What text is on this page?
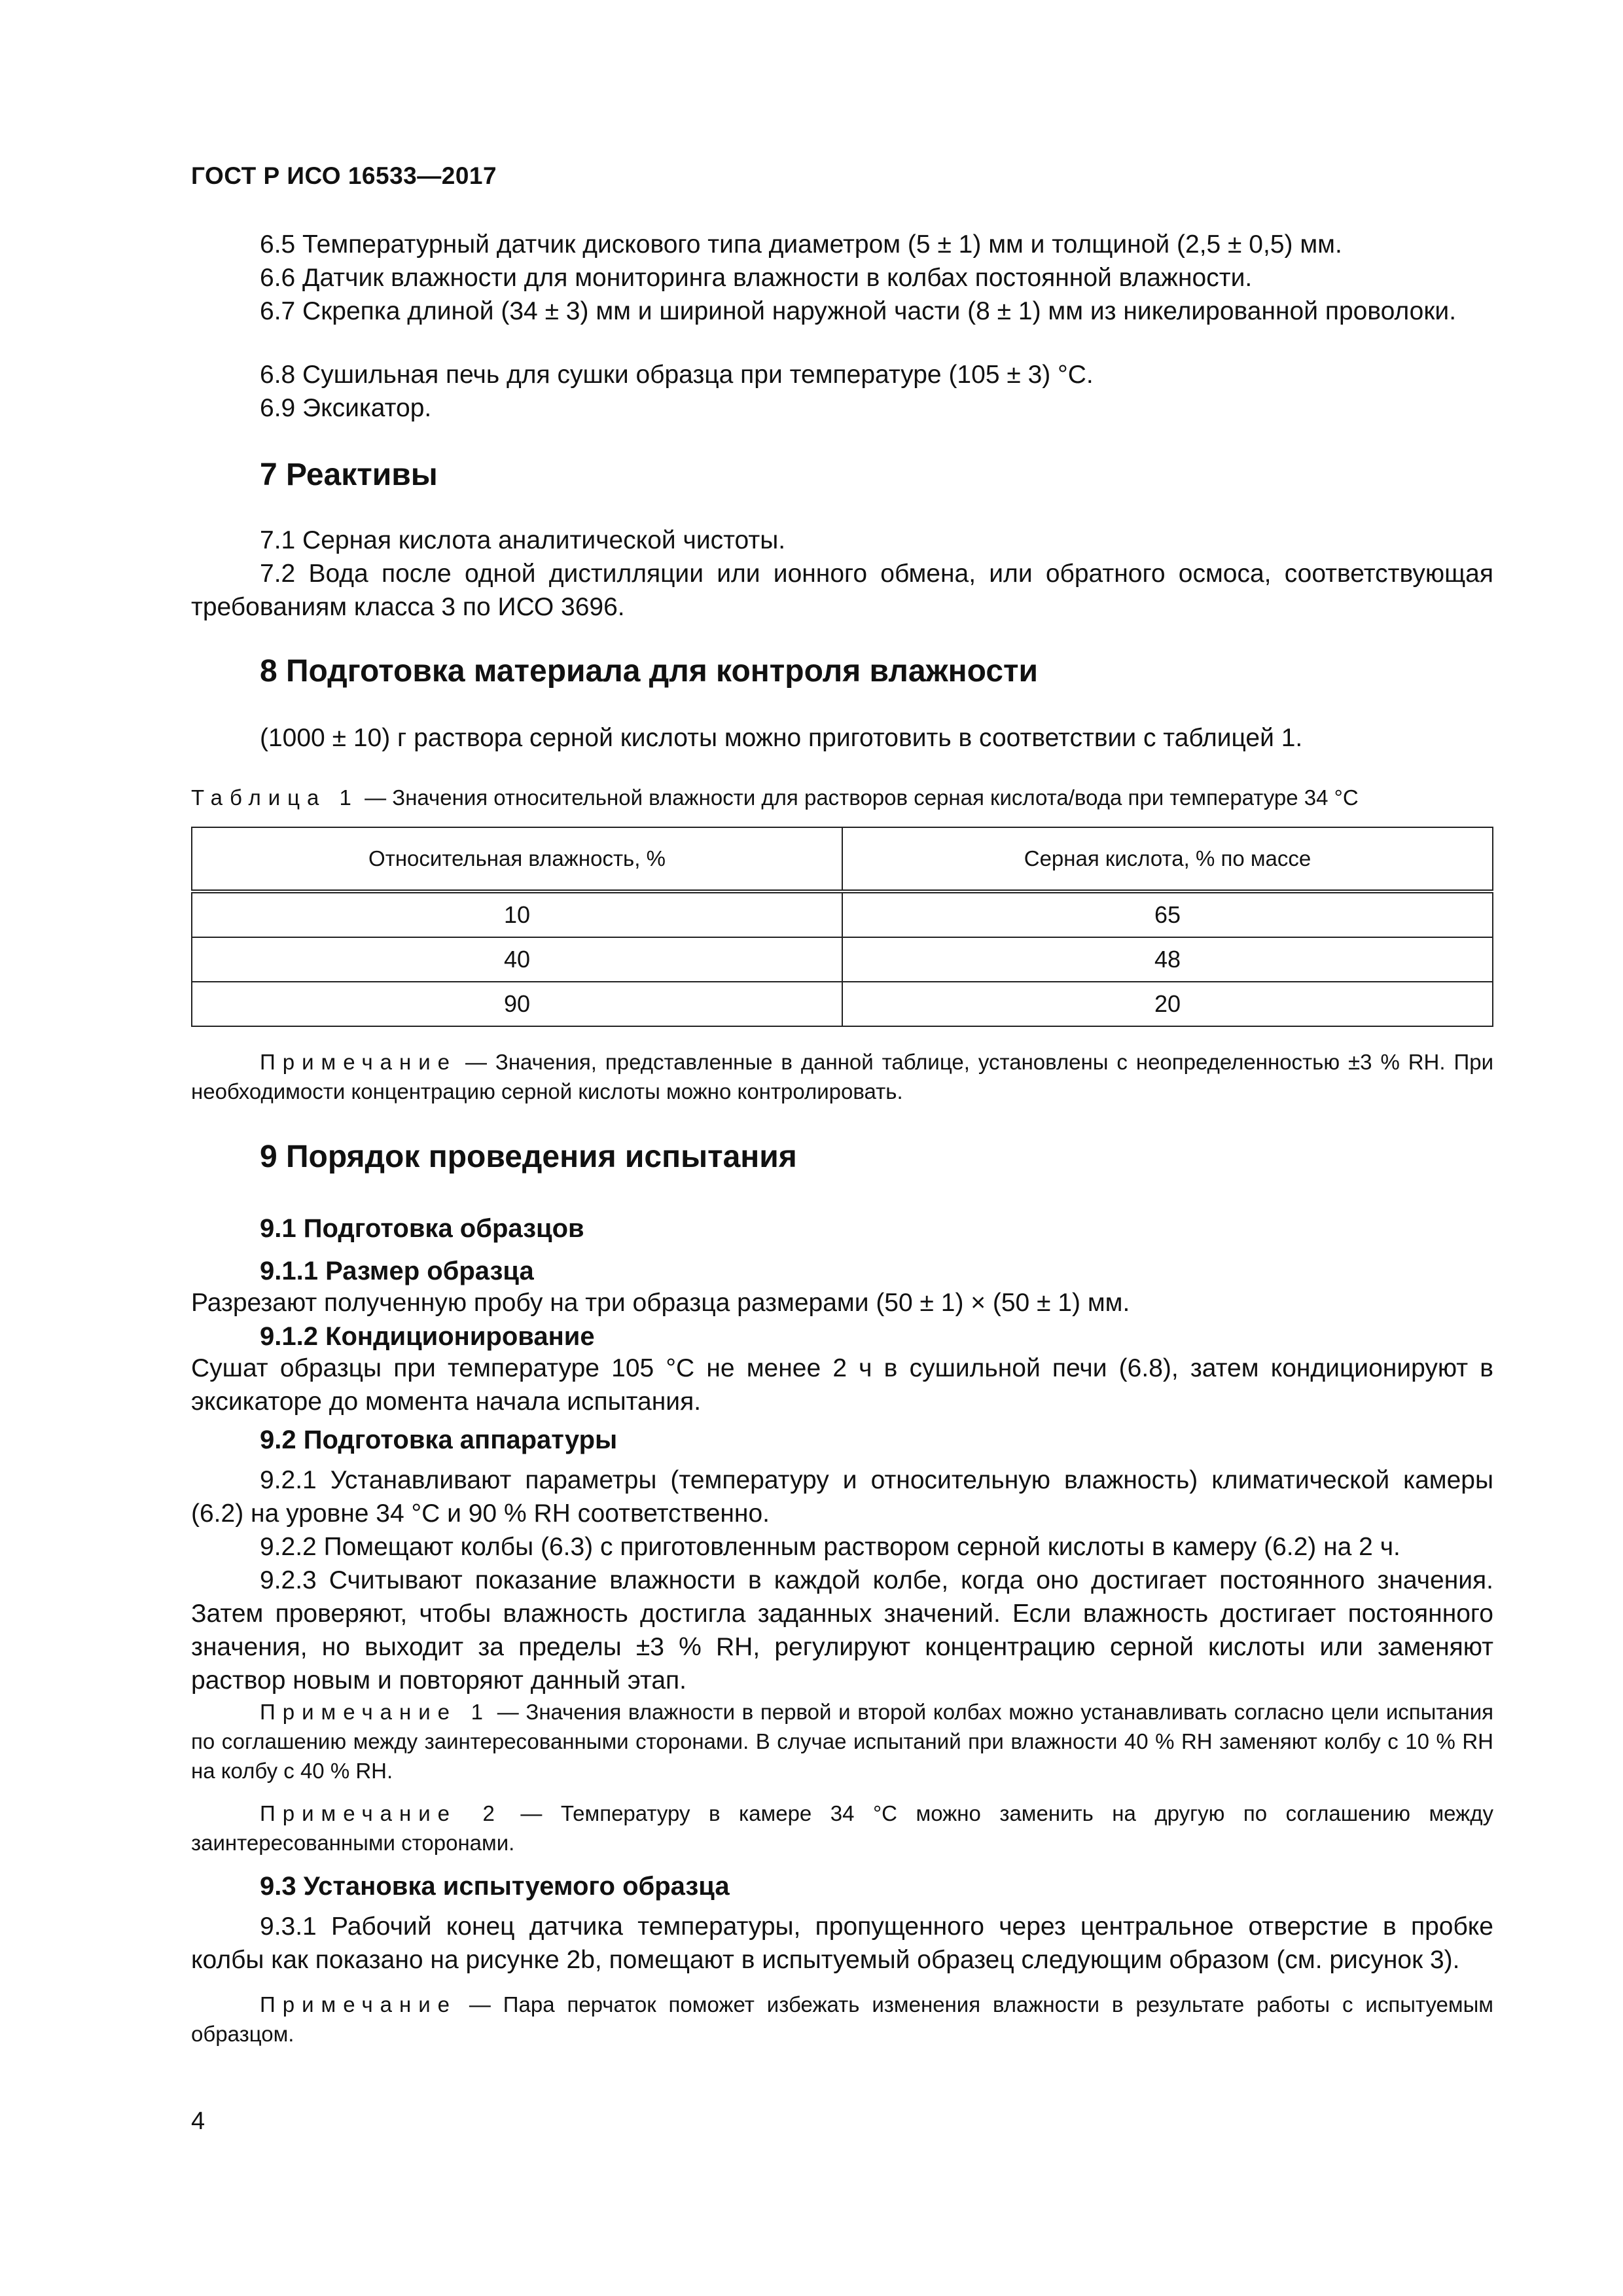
ГОСТ Р ИСО 16533—2017
6.5 Температурный датчик дискового типа диаметром (5 ± 1) мм и толщиной (2,5 ± 0,5) мм.
6.6 Датчик влажности для мониторинга влажности в колбах постоянной влажности.
6.7 Скрепка длиной (34 ± 3) мм и шириной наружной части (8 ± 1) мм из никелированной проволоки.
6.8 Сушильная печь для сушки образца при температуре (105 ± 3) °С.
6.9 Эксикатор.
7 Реактивы
7.1 Серная кислота аналитической чистоты.
7.2 Вода после одной дистилляции или ионного обмена, или обратного осмоса, соответствующая требованиям класса 3 по ИСО 3696.
8 Подготовка материала для контроля влажности
(1000 ± 10) г раствора серной кислоты можно приготовить в соответствии с таблицей 1.
Таблица 1 — Значения относительной влажности для растворов серная кислота/вода при температуре 34 °С
Относительная влажность, %	Серная кислота, % по массе
10	65
40	48
90	20
Примечание — Значения, представленные в данной таблице, установлены с неопределенностью ±3 % RH. При необходимости концентрацию серной кислоты можно контролировать.
9 Порядок проведения испытания
9.1 Подготовка образцов
9.1.1 Размер образца
Разрезают полученную пробу на три образца размерами (50 ± 1) × (50 ± 1) мм.
9.1.2 Кондиционирование
Сушат образцы при температуре 105 °С не менее 2 ч в сушильной печи (6.8), затем кондиционируют в эксикаторе до момента начала испытания.
9.2 Подготовка аппаратуры
9.2.1 Устанавливают параметры (температуру и относительную влажность) климатической камеры (6.2) на уровне 34 °С и 90 % RH соответственно.
9.2.2 Помещают колбы (6.3) с приготовленным раствором серной кислоты в камеру (6.2) на 2 ч.
9.2.3 Считывают показание влажности в каждой колбе, когда оно достигает постоянного значения. Затем проверяют, чтобы влажность достигла заданных значений. Если влажность достигает постоянного значения, но выходит за пределы ±3 % RH, регулируют концентрацию серной кислоты или заменяют раствор новым и повторяют данный этап.
Примечание 1 — Значения влажности в первой и второй колбах можно устанавливать согласно цели испытания по соглашению между заинтересованными сторонами. В случае испытаний при влажности 40 % RH заменяют колбу с 10 % RH на колбу с 40 % RH.
Примечание 2 — Температуру в камере 34 °С можно заменить на другую по соглашению между заинтересованными сторонами.
9.3 Установка испытуемого образца
9.3.1 Рабочий конец датчика температуры, пропущенного через центральное отверстие в пробке колбы как показано на рисунке 2b, помещают в испытуемый образец следующим образом (см. рисунок 3).
Примечание — Пара перчаток поможет избежать изменения влажности в результате работы с испытуемым образцом.
4
